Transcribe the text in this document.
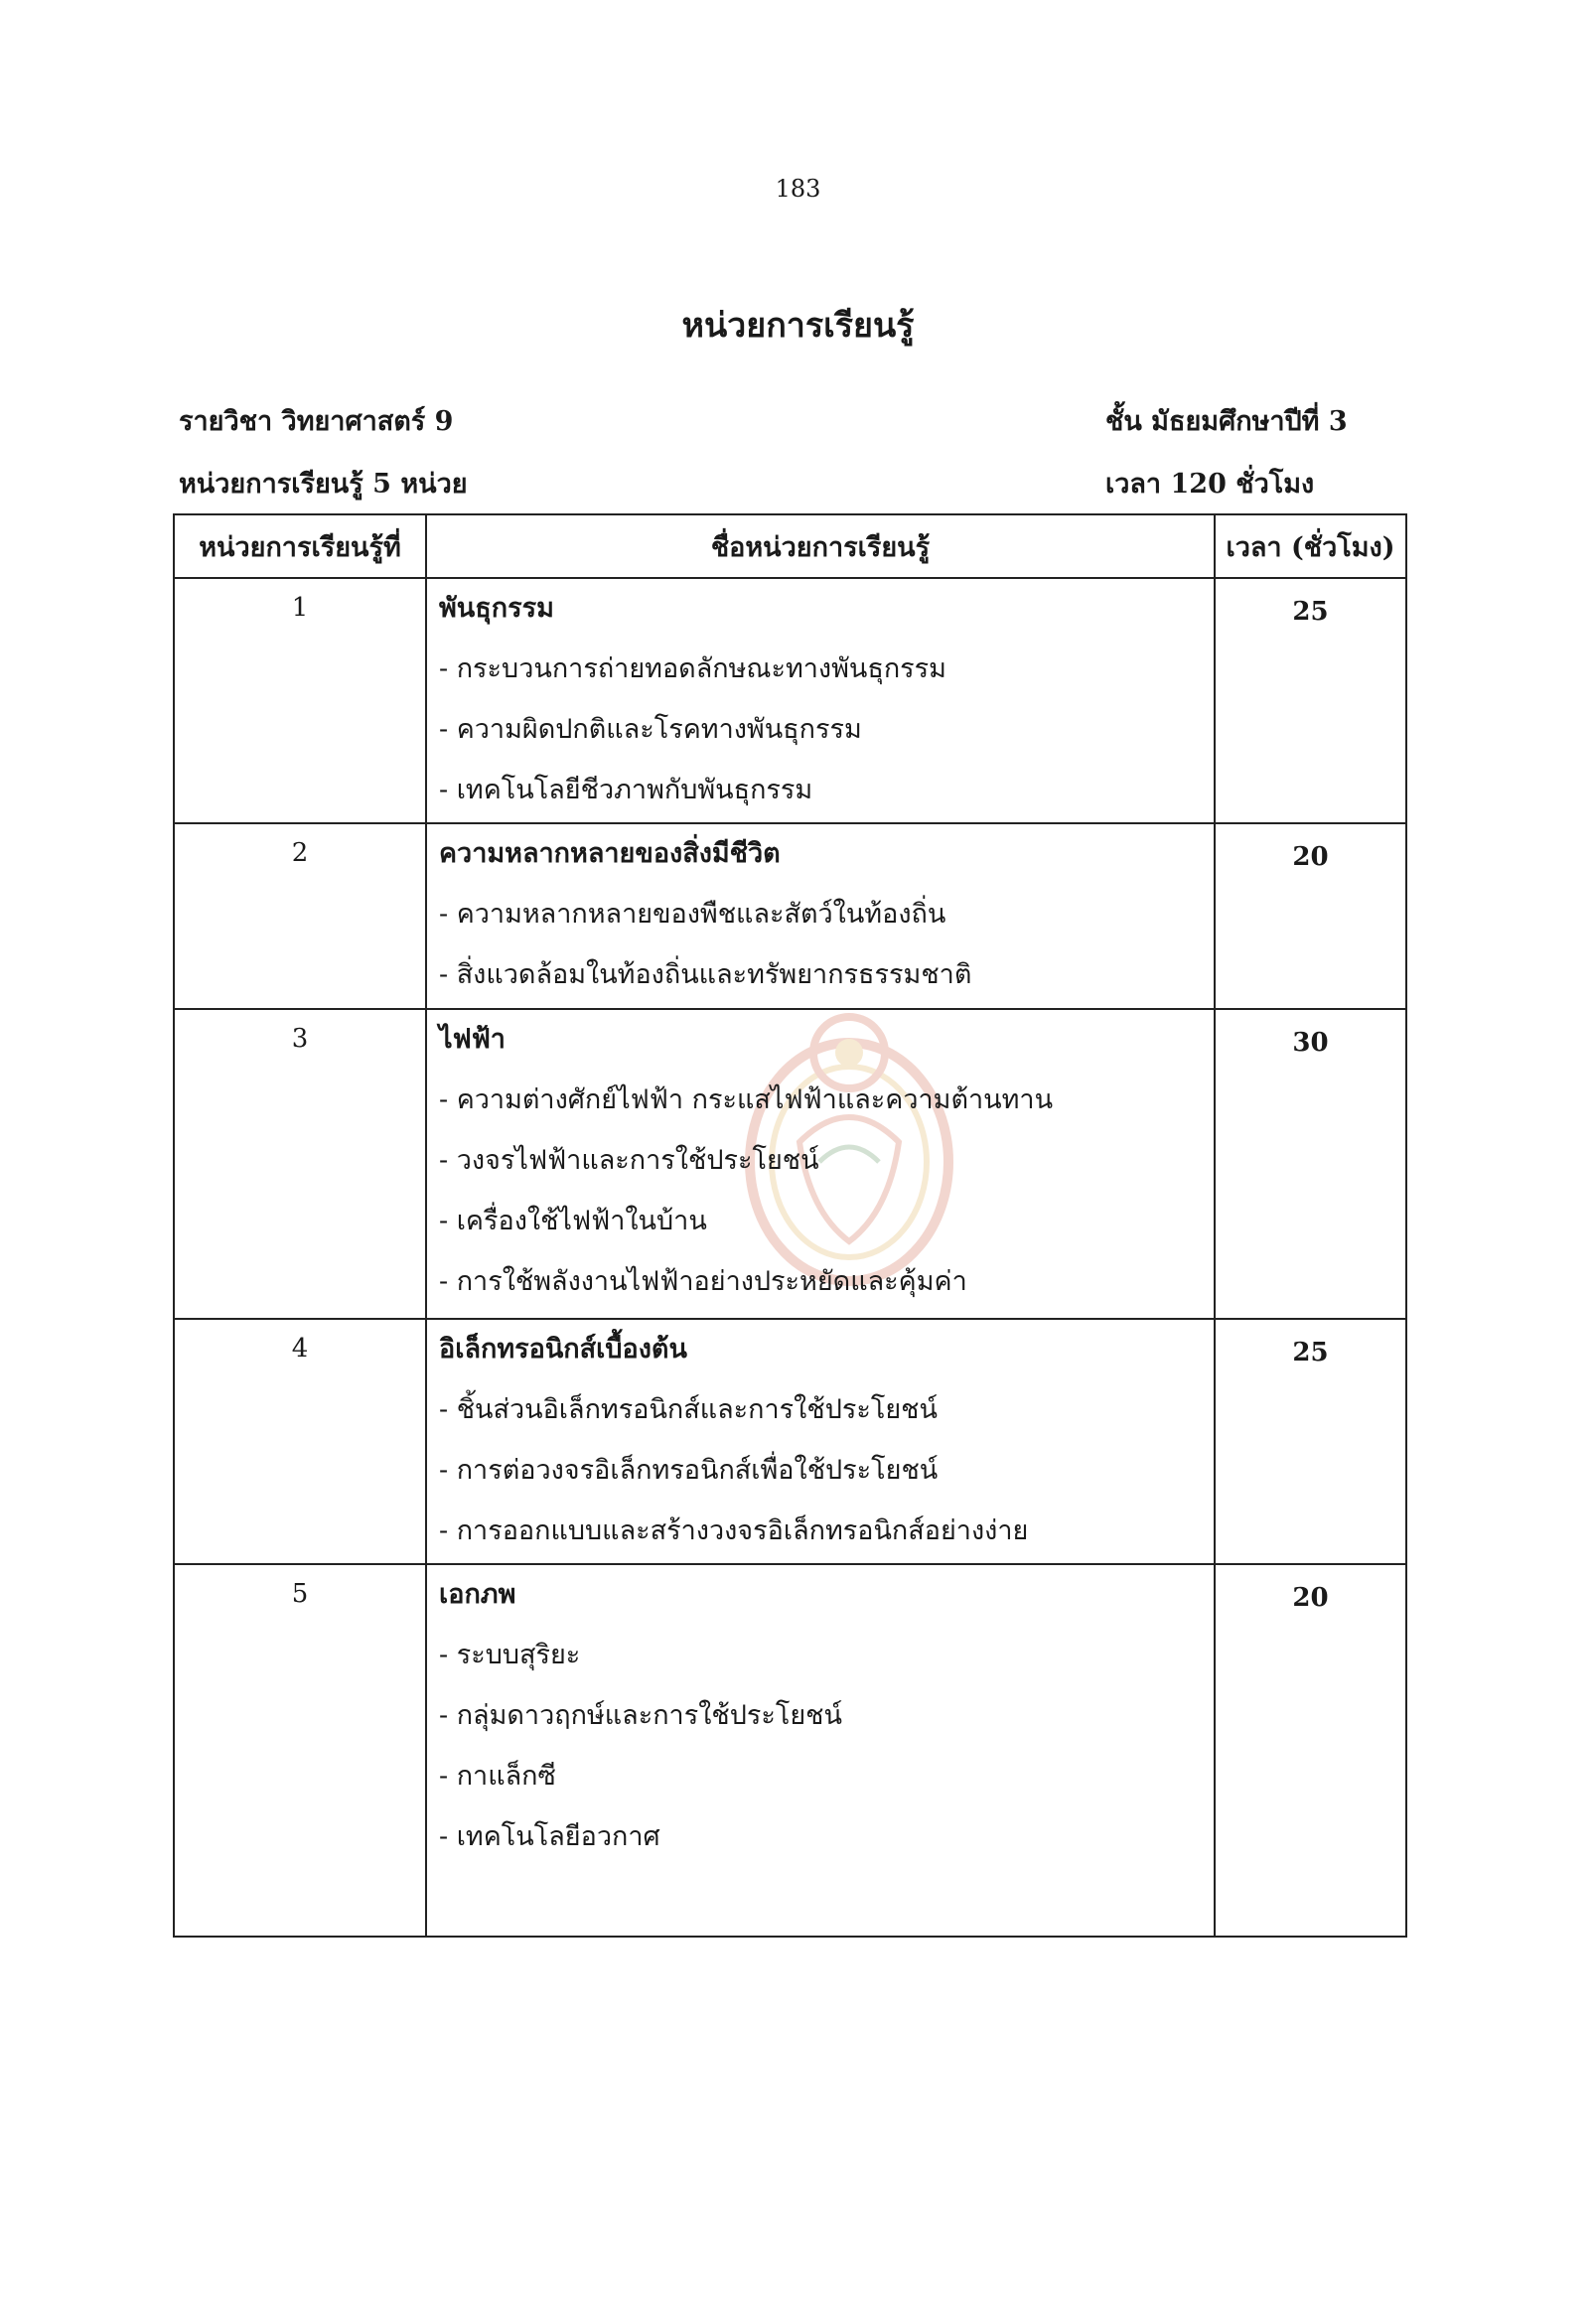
183
หน่วยการเรียนรู้
รายวิชา วิทยาศาสตร์ 9	ชั้น มัธยมศึกษาปีที่ 3
หน่วยการเรียนรู้ 5 หน่วย	เวลา 120 ชั่วโมง
หน่วยการเรียนรู้ที่	ชื่อหน่วยการเรียนรู้	เวลา (ชั่วโมง)
1	พันธุกรรม
- กระบวนการถ่ายทอดลักษณะทางพันธุกรรม
- ความผิดปกติและโรคทางพันธุกรรม
- เทคโนโลยีชีวภาพกับพันธุกรรม	25
2	ความหลากหลายของสิ่งมีชีวิต
- ความหลากหลายของพืชและสัตว์ในท้องถิ่น
- สิ่งแวดล้อมในท้องถิ่นและทรัพยากรธรรมชาติ	20
3	ไฟฟ้า
- ความต่างศักย์ไฟฟ้า กระแสไฟฟ้าและความต้านทาน
- วงจรไฟฟ้าและการใช้ประโยชน์
- เครื่องใช้ไฟฟ้าในบ้าน
- การใช้พลังงานไฟฟ้าอย่างประหยัดและคุ้มค่า	30
4	อิเล็กทรอนิกส์เบื้องต้น
- ชิ้นส่วนอิเล็กทรอนิกส์และการใช้ประโยชน์
- การต่อวงจรอิเล็กทรอนิกส์เพื่อใช้ประโยชน์
- การออกแบบและสร้างวงจรอิเล็กทรอนิกส์อย่างง่าย	25
5	เอกภพ
- ระบบสุริยะ
- กลุ่มดาวฤกษ์และการใช้ประโยชน์
- กาแล็กซี
- เทคโนโลยีอวกาศ	20
